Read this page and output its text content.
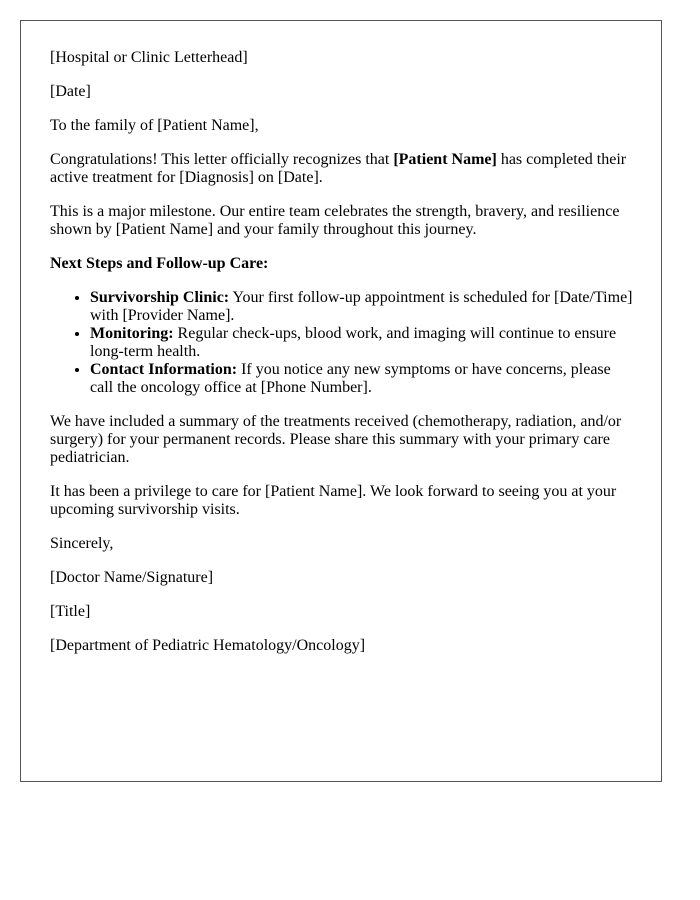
[Hospital or Clinic Letterhead]

[Date]

To the family of [Patient Name],

Congratulations! This letter officially recognizes that [Patient Name] has completed their active treatment for [Diagnosis] on [Date].

This is a major milestone. Our entire team celebrates the strength, bravery, and resilience shown by [Patient Name] and your family throughout this journey.

Next Steps and Follow-up Care:

• Survivorship Clinic: Your first follow-up appointment is scheduled for [Date/Time] with [Provider Name].
• Monitoring: Regular check-ups, blood work, and imaging will continue to ensure long-term health.
• Contact Information: If you notice any new symptoms or have concerns, please call the oncology office at [Phone Number].

We have included a summary of the treatments received (chemotherapy, radiation, and/or surgery) for your permanent records. Please share this summary with your primary care pediatrician.

It has been a privilege to care for [Patient Name]. We look forward to seeing you at your upcoming survivorship visits.

Sincerely,

[Doctor Name/Signature]

[Title]

[Department of Pediatric Hematology/Oncology]
